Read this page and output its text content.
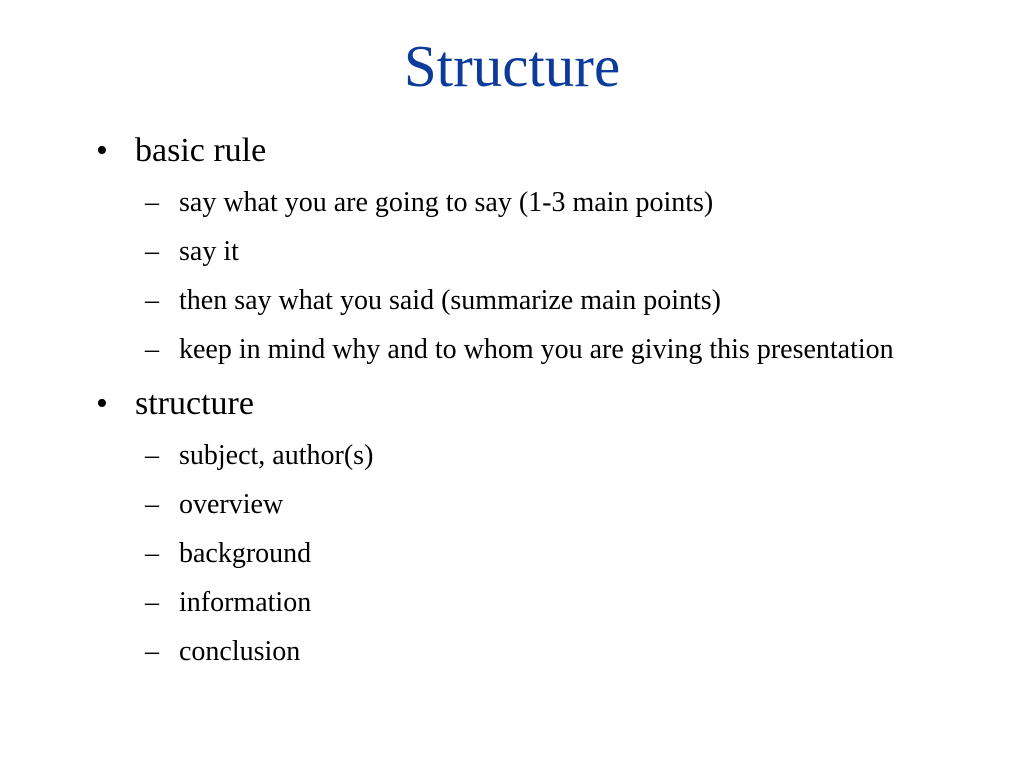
Structure
• basic rule
– say what you are going to say (1-3 main points)
– say it
– then say what you said (summarize main points)
– keep in mind why and to whom you are giving this presentation
• structure
– subject, author(s)
– overview
– background
– information
– conclusion
